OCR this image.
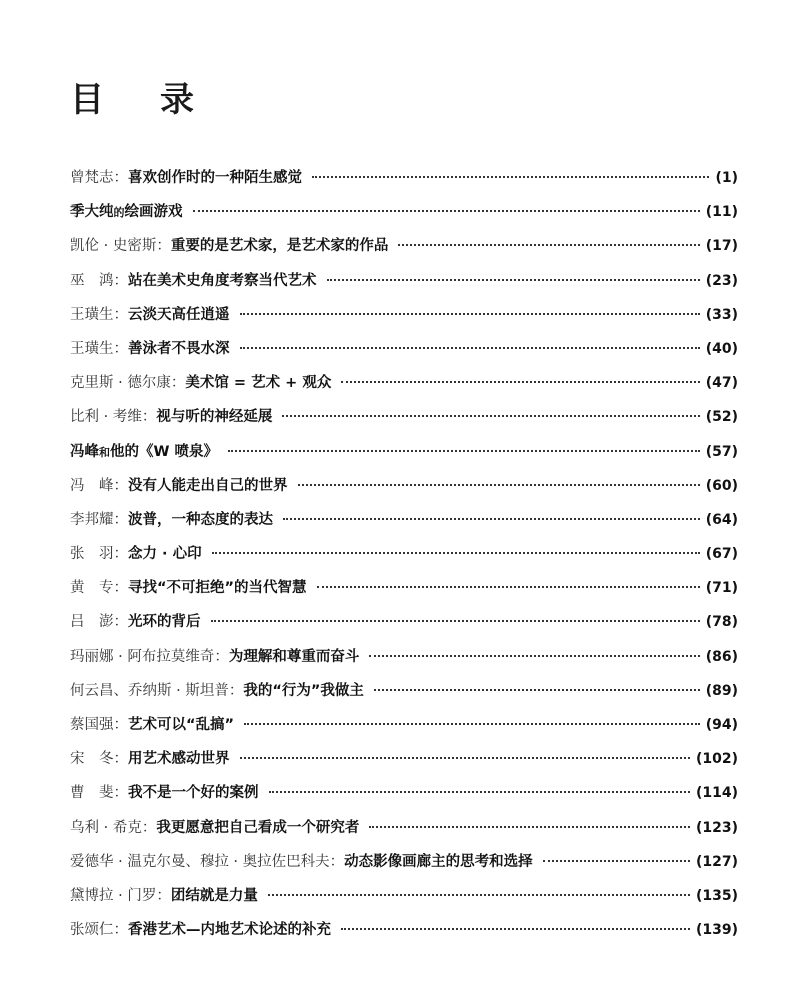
目 录
曾梵志 ： 喜欢创作时的一种陌生感觉	(1)
季大纯的绘画游戏	(11)
凯伦 · 史密斯 ： 重要的是艺术家，是艺术家的作品	(17)
巫　鸿 ： 站在美术史角度考察当代艺术	(23)
王璜生 ： 云淡天高任逍遥	(33)
王璜生 ： 善泳者不畏水深	(40)
克里斯 · 德尔康 ： 美术馆 = 艺术 + 观众	(47)
比利 · 考维 ： 视与听的神经延展	(52)
冯峰和他的《W 喷泉》	(57)
冯　峰 ： 没有人能走出自己的世界	(60)
李邦耀 ： 波普，一种态度的表达	(64)
张　羽 ： 念力 · 心印	(67)
黄　专 ： 寻找“不可拒绝”的当代智慧	(71)
吕　澎 ： 光环的背后	(78)
玛丽娜 · 阿布拉莫维奇 ： 为理解和尊重而奋斗	(86)
何云昌、乔纳斯 · 斯坦普 ： 我的“行为”我做主	(89)
蔡国强 ： 艺术可以“乱搞”	(94)
宋　冬 ： 用艺术感动世界	(102)
曹　斐 ： 我不是一个好的案例	(114)
乌利 · 希克 ： 我更愿意把自己看成一个研究者	(123)
爱德华 · 温克尔曼、穆拉 · 奥拉佐巴科夫 ： 动态影像画廊主的思考和选择	(127)
黛博拉 · 门罗 ： 团结就是力量	(135)
张颂仁 ： 香港艺术—内地艺术论述的补充	(139)
